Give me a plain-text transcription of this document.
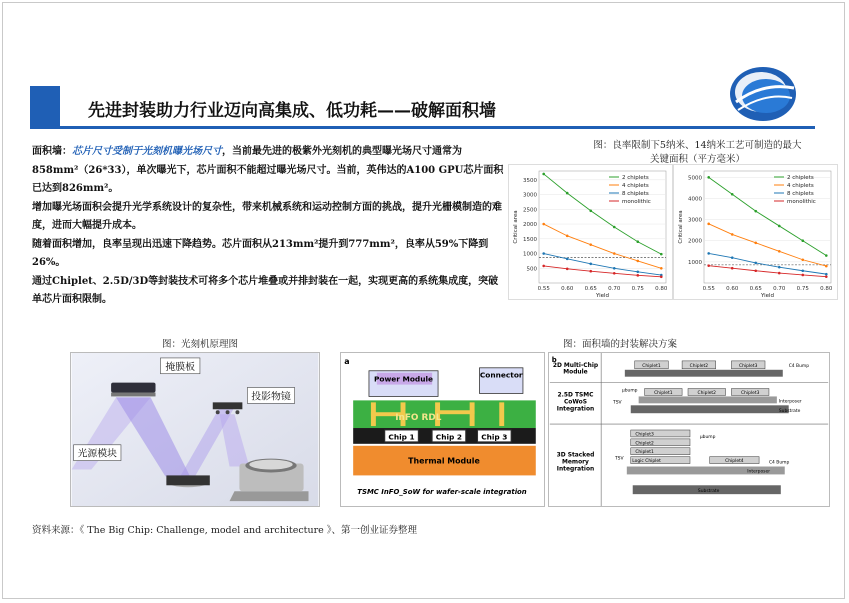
先进封装助力行业迈向高集成、低功耗——破解面积墙

面积墙：芯片尺寸受制于光刻机曝光场尺寸，当前最先进的极紫外光刻机的典型曝光场尺寸通常为858mm²（26*33），单次曝光下，芯片面积不能超过曝光场尺寸。当前，英伟达的A100 GPU芯片面积已达到826mm²。

增加曝光场面积会提升光学系统设计的复杂性，带来机械系统和运动控制方面的挑战，提升光栅模制造的难度，进而大幅提升成本。

随着面积增加，良率呈现出迅速下降趋势。芯片面积从213mm²提升到777mm²，良率从59%下降到26%。

通过Chiplet、2.5D/3D等封装技术可将多个芯片堆叠或并排封装在一起，实现更高的系统集成度，突破单芯片面积限制。

图：良率限制下5纳米、14纳米工艺可制造的最大关键面积（平方毫米）
500
1000
1500
2000
2500
3000
3500
0.55 0.60 0.65 0.70 0.75 0.80
Yield
Critical area
2 chiplets
4 chiplets
8 chiplets
monolithic
1000
2000
3000
4000
5000
0.55 0.60 0.65 0.70 0.75 0.80
Yield
Critical area
2 chiplets
4 chiplets
8 chiplets
monolithic
图：光刻机原理图	图：面积墙的封装解决方案
掩膜板
光源模块
投影物镜
a
Power Module	Connector
InFO RDL
Chip 1	Chip 2	Chip 3
Thermal Module
TSMC InFO_SoW for wafer-scale integration
b
2D Multi-Chip Module
2.5D TSMC CoWoS Integration
3D Stacked Memory Integration
Chiplet1	Chiplet2	Chiplet3	C4 Bump
Chiplet1	Chiplet2	Chiplet3
µbump
TSV	Interposer
Substrate
Chiplet3
Chiplet2
Chiplet1
Logic Chiplet	Chiplet4
µbump
TSV
C4 Bump
Interposer
Substrate
资料来源：《 The Big Chip: Challenge, model and architecture 》、第一创业证券整理
